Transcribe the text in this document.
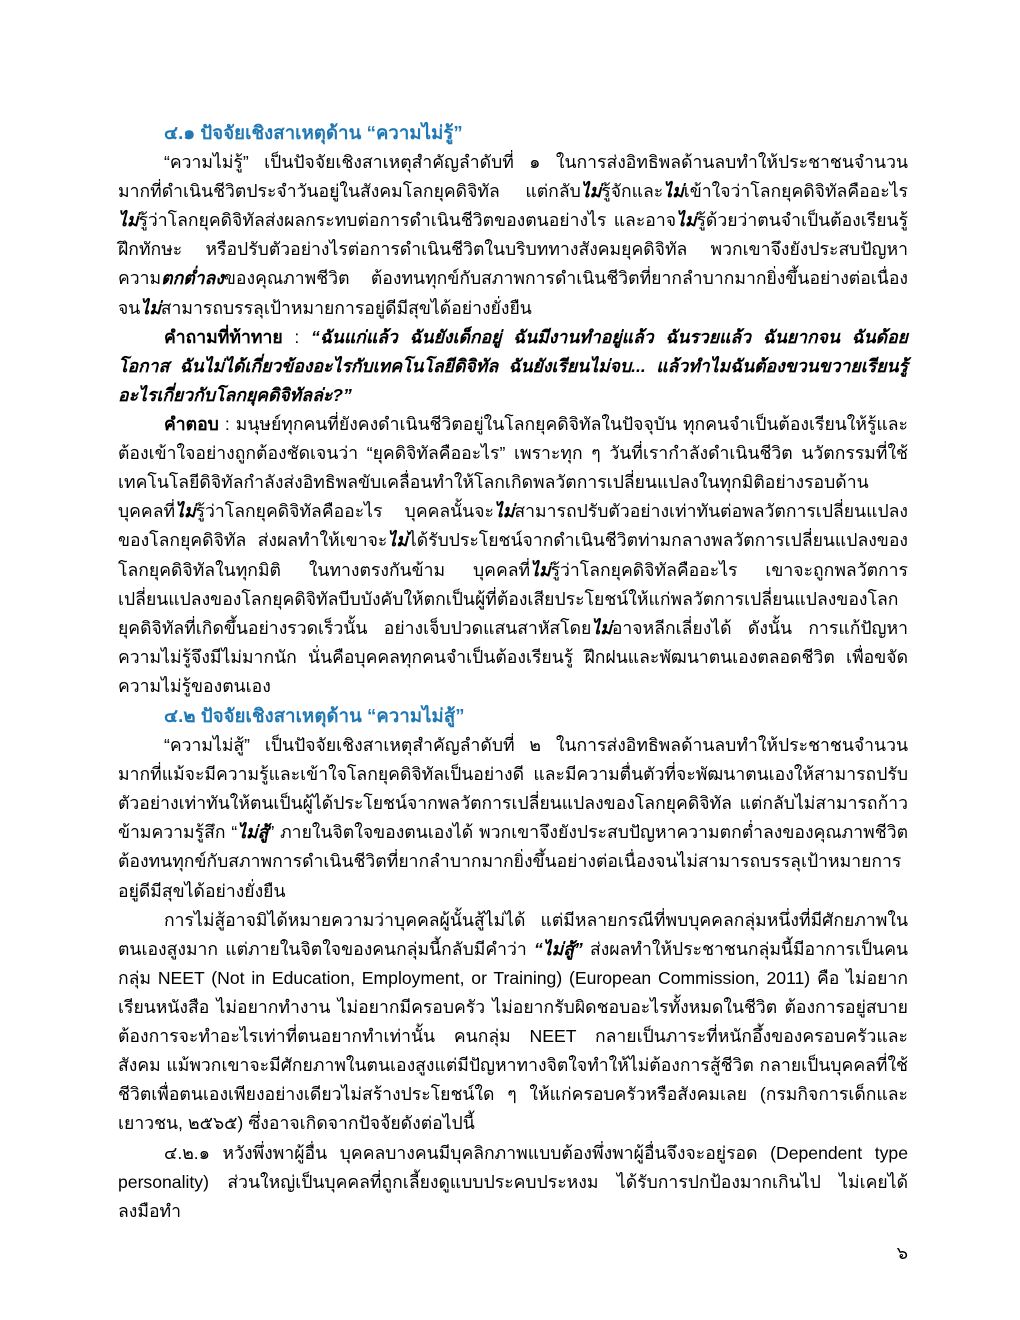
๔.๑ ปัจจัยเชิงสาเหตุด้าน “ความไม่รู้”

“ความไม่รู้” เป็นปัจจัยเชิงสาเหตุสำคัญลำดับที่ ๑ ในการส่งอิทธิพลด้านลบทำให้ประชาชนจำนวนมากที่ดำเนินชีวิตประจำวันอยู่ในสังคมโลกยุคดิจิทัล แต่กลับไม่รู้จักและไม่เข้าใจว่าโลกยุคดิจิทัลคืออะไร ไม่รู้ว่าโลกยุคดิจิทัลส่งผลกระทบต่อการดำเนินชีวิตของตนอย่างไร และอาจไม่รู้ด้วยว่าตนจำเป็นต้องเรียนรู้ ฝึกทักษะ หรือปรับตัวอย่างไรต่อการดำเนินชีวิตในบริบททางสังคมยุคดิจิทัล พวกเขาจึงยังประสบปัญหาความตกต่ำลงของคุณภาพชีวิต ต้องทนทุกข์กับสภาพการดำเนินชีวิตที่ยากลำบากมากยิ่งขึ้นอย่างต่อเนื่องจนไม่สามารถบรรลุเป้าหมายการอยู่ดีมีสุขได้อย่างยั่งยืน

คำถามที่ท้าทาย : “ฉันแก่แล้ว ฉันยังเด็กอยู่ ฉันมีงานทำอยู่แล้ว ฉันรวยแล้ว ฉันยากจน ฉันด้อยโอกาส ฉันไม่ได้เกี่ยวข้องอะไรกับเทคโนโลยีดิจิทัล ฉันยังเรียนไม่จบ... แล้วทำไมฉันต้องขวนขวายเรียนรู้อะไรเกี่ยวกับโลกยุคดิจิทัลล่ะ?”

คำตอบ : มนุษย์ทุกคนที่ยังคงดำเนินชีวิตอยู่ในโลกยุคดิจิทัลในปัจจุบัน ทุกคนจำเป็นต้องเรียนให้รู้และต้องเข้าใจอย่างถูกต้องชัดเจนว่า “ยุคดิจิทัลคืออะไร” เพราะทุก ๆ วันที่เรากำลังดำเนินชีวิต นวัตกรรมที่ใช้เทคโนโลยีดิจิทัลกำลังส่งอิทธิพลขับเคลื่อนทำให้โลกเกิดพลวัตการเปลี่ยนแปลงในทุกมิติอย่างรอบด้าน บุคคลที่ไม่รู้ว่าโลกยุคดิจิทัลคืออะไร บุคคลนั้นจะไม่สามารถปรับตัวอย่างเท่าทันต่อพลวัตการเปลี่ยนแปลงของโลกยุคดิจิทัล ส่งผลทำให้เขาจะไม่ได้รับประโยชน์จากดำเนินชีวิตท่ามกลางพลวัตการเปลี่ยนแปลงของโลกยุคดิจิทัลในทุกมิติ ในทางตรงกันข้าม บุคคลที่ไม่รู้ว่าโลกยุคดิจิทัลคืออะไร เขาจะถูกพลวัตการเปลี่ยนแปลงของโลกยุคดิจิทัลบีบบังคับให้ตกเป็นผู้ที่ต้องเสียประโยชน์ให้แก่พลวัตการเปลี่ยนแปลงของโลกยุคดิจิทัลที่เกิดขึ้นอย่างรวดเร็วนั้น อย่างเจ็บปวดแสนสาหัสโดยไม่อาจหลีกเลี่ยงได้ ดังนั้น การแก้ปัญหาความไม่รู้จึงมีไม่มากนัก นั่นคือบุคคลทุกคนจำเป็นต้องเรียนรู้ ฝึกฝนและพัฒนาตนเองตลอดชีวิต เพื่อขจัดความไม่รู้ของตนเอง

๔.๒ ปัจจัยเชิงสาเหตุด้าน “ความไม่สู้”

“ความไม่สู้” เป็นปัจจัยเชิงสาเหตุสำคัญลำดับที่ ๒ ในการส่งอิทธิพลด้านลบทำให้ประชาชนจำนวนมากที่แม้จะมีความรู้และเข้าใจโลกยุคดิจิทัลเป็นอย่างดี และมีความตื่นตัวที่จะพัฒนาตนเองให้สามารถปรับตัวอย่างเท่าทันให้ตนเป็นผู้ได้ประโยชน์จากพลวัตการเปลี่ยนแปลงของโลกยุคดิจิทัล แต่กลับไม่สามารถก้าวข้ามความรู้สึก “ไม่สู้” ภายในจิตใจของตนเองได้ พวกเขาจึงยังประสบปัญหาความตกต่ำลงของคุณภาพชีวิต ต้องทนทุกข์กับสภาพการดำเนินชีวิตที่ยากลำบากมากยิ่งขึ้นอย่างต่อเนื่องจนไม่สามารถบรรลุเป้าหมายการอยู่ดีมีสุขได้อย่างยั่งยืน

การไม่สู้อาจมิได้หมายความว่าบุคคลผู้นั้นสู้ไม่ได้ แต่มีหลายกรณีที่พบบุคคลกลุ่มหนึ่งที่มีศักยภาพในตนเองสูงมาก แต่ภายในจิตใจของคนกลุ่มนี้กลับมีคำว่า “ไม่สู้” ส่งผลทำให้ประชาชนกลุ่มนี้มีอาการเป็นคนกลุ่ม NEET (Not in Education, Employment, or Training) (European Commission, 2011) คือ ไม่อยากเรียนหนังสือ ไม่อยากทำงาน ไม่อยากมีครอบครัว ไม่อยากรับผิดชอบอะไรทั้งหมดในชีวิต ต้องการอยู่สบาย ต้องการจะทำอะไรเท่าที่ตนอยากทำเท่านั้น คนกลุ่ม NEET กลายเป็นภาระที่หนักอึ้งของครอบครัวและสังคม แม้พวกเขาจะมีศักยภาพในตนเองสูงแต่มีปัญหาทางจิตใจทำให้ไม่ต้องการสู้ชีวิต กลายเป็นบุคคลที่ใช้ชีวิตเพื่อตนเองเพียงอย่างเดียวไม่สร้างประโยชน์ใด ๆ ให้แก่ครอบครัวหรือสังคมเลย (กรมกิจการเด็กและเยาวชน, ๒๕๖๕) ซึ่งอาจเกิดจากปัจจัยดังต่อไปนี้

๔.๒.๑ หวังพึ่งพาผู้อื่น บุคคลบางคนมีบุคลิกภาพแบบต้องพึ่งพาผู้อื่นจึงจะอยู่รอด (Dependent type personality) ส่วนใหญ่เป็นบุคคลที่ถูกเลี้ยงดูแบบประคบประหงม ได้รับการปกป้องมากเกินไป ไม่เคยได้ลงมือทำ

๖
